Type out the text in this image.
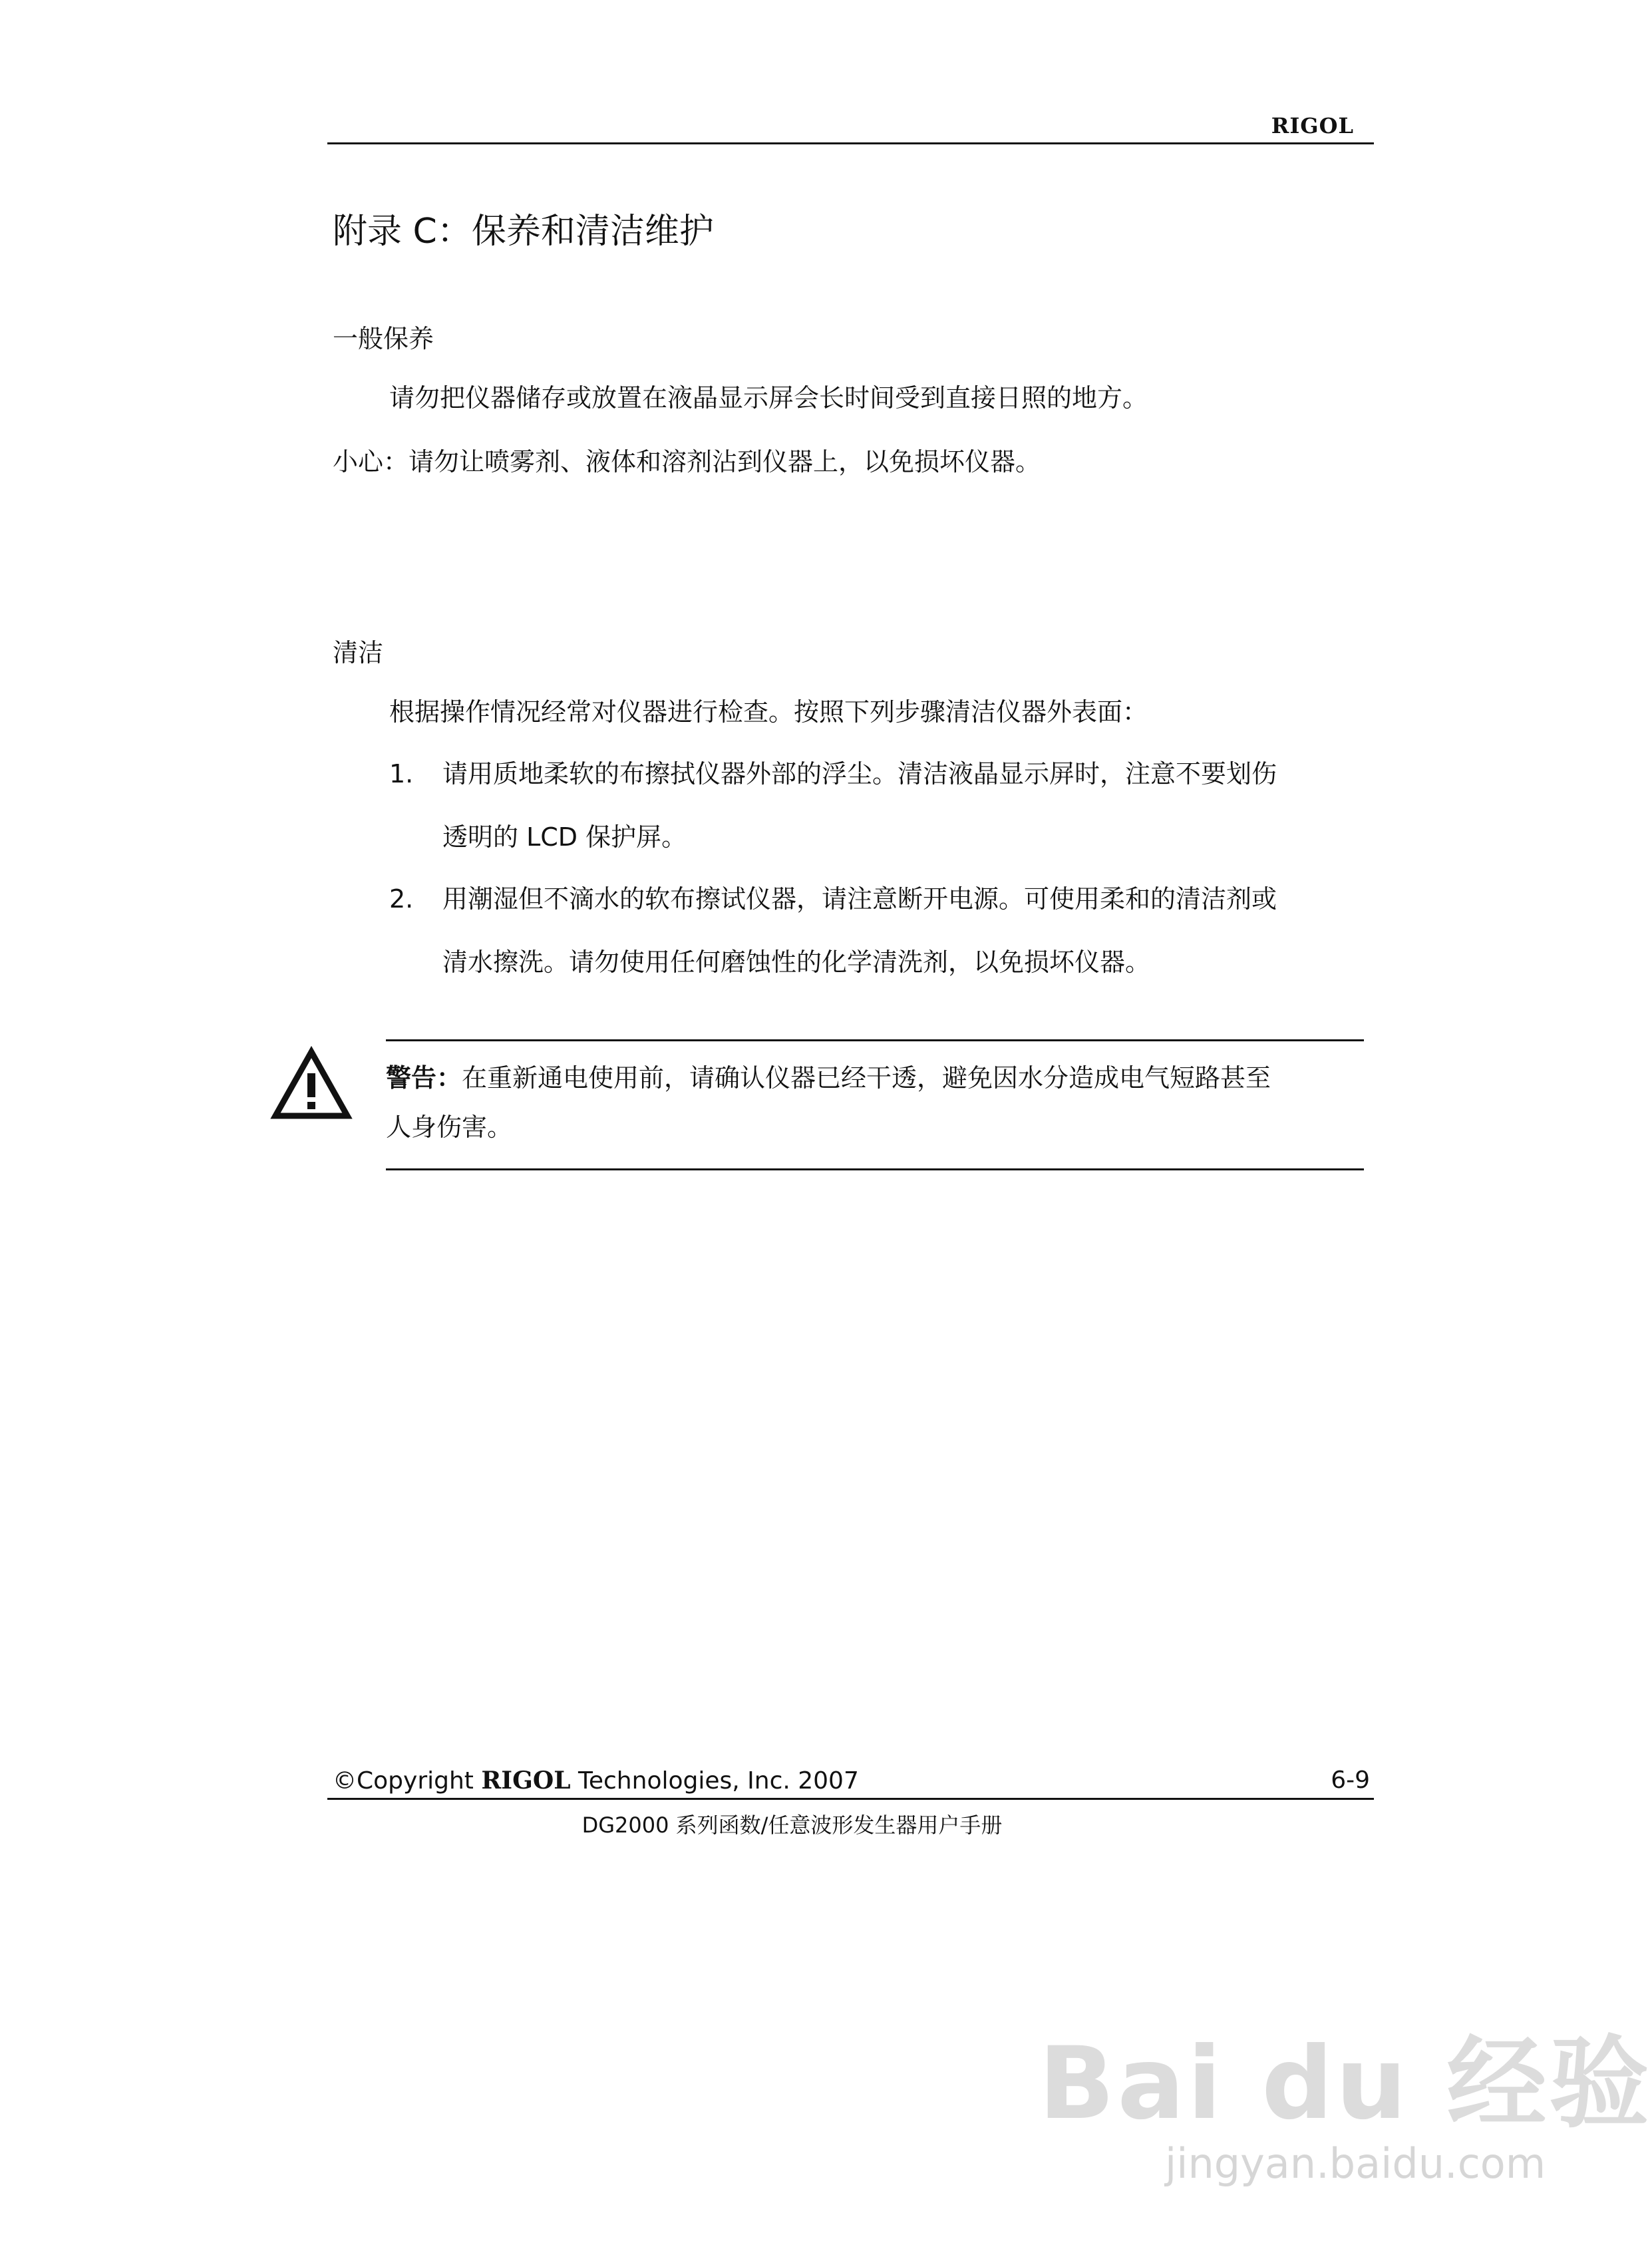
RIGOL
附录 C：保养和清洁维护
一般保养
请勿把仪器储存或放置在液晶显示屏会长时间受到直接日照的地方。
小心：请勿让喷雾剂、液体和溶剂沾到仪器上，以免损坏仪器。
清洁
根据操作情况经常对仪器进行检查。按照下列步骤清洁仪器外表面：
1. 请用质地柔软的布擦拭仪器外部的浮尘。清洁液晶显示屏时，注意不要划伤
透明的 LCD 保护屏。
2. 用潮湿但不滴水的软布擦试仪器，请注意断开电源。可使用柔和的清洁剂或
清水擦洗。请勿使用任何磨蚀性的化学清洗剂，以免损坏仪器。
警告：在重新通电使用前，请确认仪器已经干透，避免因水分造成电气短路甚至
人身伤害。
©Copyright RIGOL Technologies, Inc. 2007	6-9
DG2000 系列函数/任意波形发生器用户手册
Bai du 经验
jingyan.baidu.com
